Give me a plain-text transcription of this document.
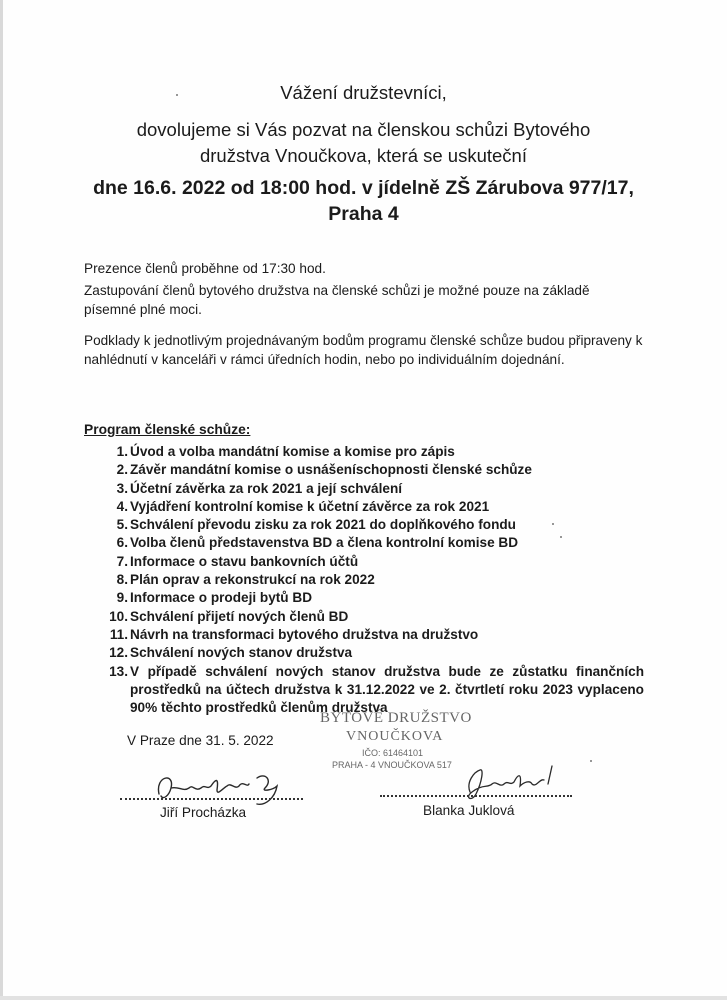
Vážení družstevníci,
dovolujeme si Vás pozvat na členskou schůzi Bytového
družstva Vnoučkova, která se uskuteční
dne 16.6. 2022 od 18:00 hod. v jídelně ZŠ Zárubova 977/17,
Praha 4
Prezence členů proběhne od 17:30 hod.
Zastupování členů bytového družstva na členské schůzi je možné pouze na základě písemné plné moci.
Podklady k jednotlivým projednávaným bodům programu členské schůze budou připraveny k nahlédnutí v kanceláři v rámci úředních hodin, nebo po individuálním dojednání.
Program členské schůze:
1. Úvod a volba mandátní komise a komise pro zápis
2. Závěr mandátní komise o usnášeníschopnosti členské schůze
3. Účetní závěrka za rok 2021 a její schválení
4. Vyjádření kontrolní komise k účetní závěrce za rok 2021
5. Schválení převodu zisku za rok 2021 do doplňkového fondu
6. Volba členů představenstva BD a člena kontrolní komise BD
7. Informace o stavu bankovních účtů
8. Plán oprav a rekonstrukcí na rok 2022
9. Informace o prodeji bytů BD
10. Schválení přijetí nových členů BD
11. Návrh na transformaci bytového družstva na družstvo
12. Schválení nových stanov družstva
13. V případě schválení nových stanov družstva bude ze zůstatku finančních prostředků na účtech družstva k 31.12.2022 ve 2. čtvrtletí roku 2023 vyplaceno 90% těchto prostředků členům družstva
V Praze dne 31. 5. 2022
BYTOVÉ DRUŽSTVO
VNOUČKOVA
IČO: 61464101
PRAHA - 4 VNOUČKOVA 517
Jiří Procházka	Blanka Juklová
